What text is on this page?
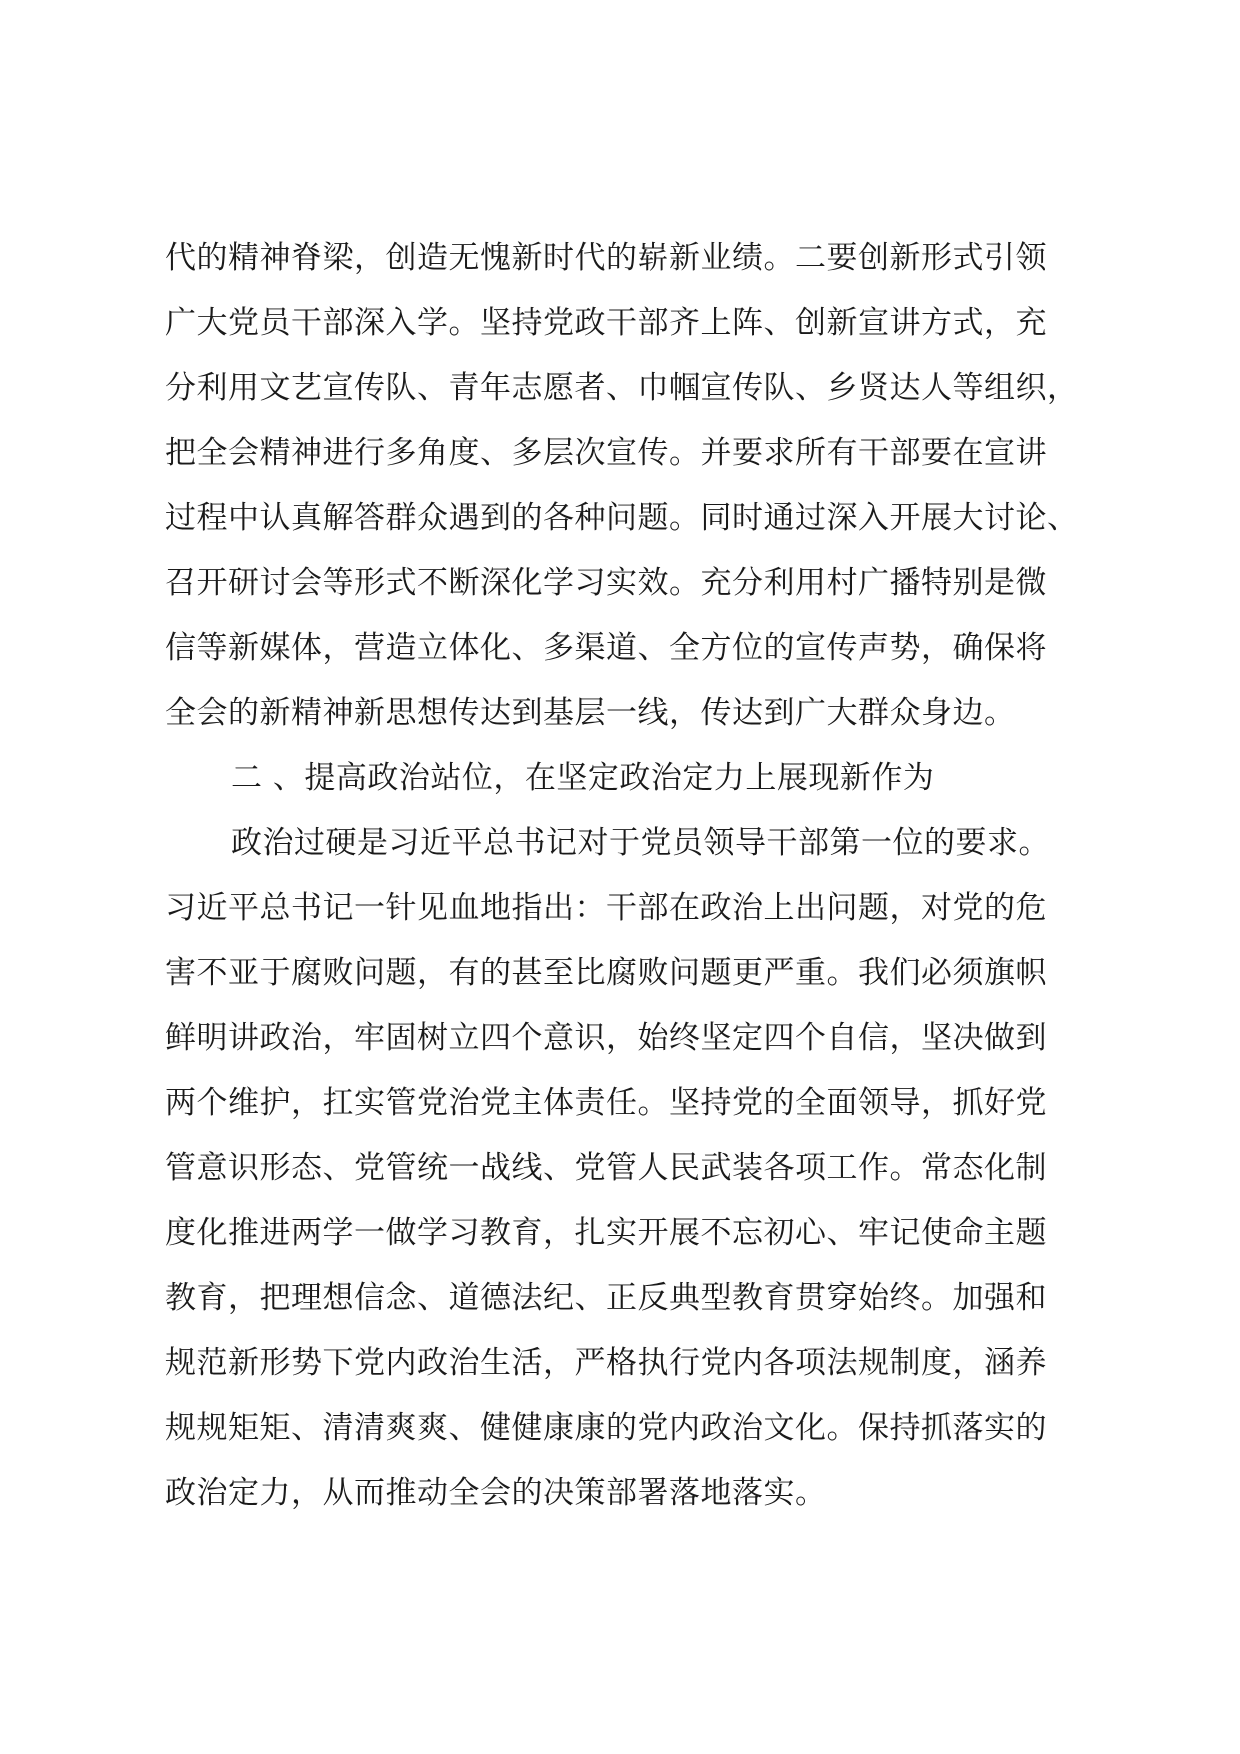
代的精神脊梁，创造无愧新时代的崭新业绩。二要创新形式引领
广大党员干部深入学。坚持党政干部齐上阵、创新宣讲方式，充
分利用文艺宣传队、青年志愿者、巾帼宣传队、乡贤达人等组织，
把全会精神进行多角度、多层次宣传。并要求所有干部要在宣讲
过程中认真解答群众遇到的各种问题。同时通过深入开展大讨论、
召开研讨会等形式不断深化学习实效。充分利用村广播特别是微
信等新媒体，营造立体化、多渠道、全方位的宣传声势，确保将
全会的新精神新思想传达到基层一线，传达到广大群众身边。
二 、提高政治站位，在坚定政治定力上展现新作为
政治过硬是习近平总书记对于党员领导干部第一位的要求。
习近平总书记一针见血地指出：干部在政治上出问题，对党的危
害不亚于腐败问题，有的甚至比腐败问题更严重。我们必须旗帜
鲜明讲政治，牢固树立四个意识，始终坚定四个自信，坚决做到
两个维护，扛实管党治党主体责任。坚持党的全面领导，抓好党
管意识形态、党管统一战线、党管人民武装各项工作。常态化制
度化推进两学一做学习教育，扎实开展不忘初心、牢记使命主题
教育，把理想信念、道德法纪、正反典型教育贯穿始终。加强和
规范新形势下党内政治生活，严格执行党内各项法规制度，涵养
规规矩矩、清清爽爽、健健康康的党内政治文化。保持抓落实的
政治定力，从而推动全会的决策部署落地落实。
